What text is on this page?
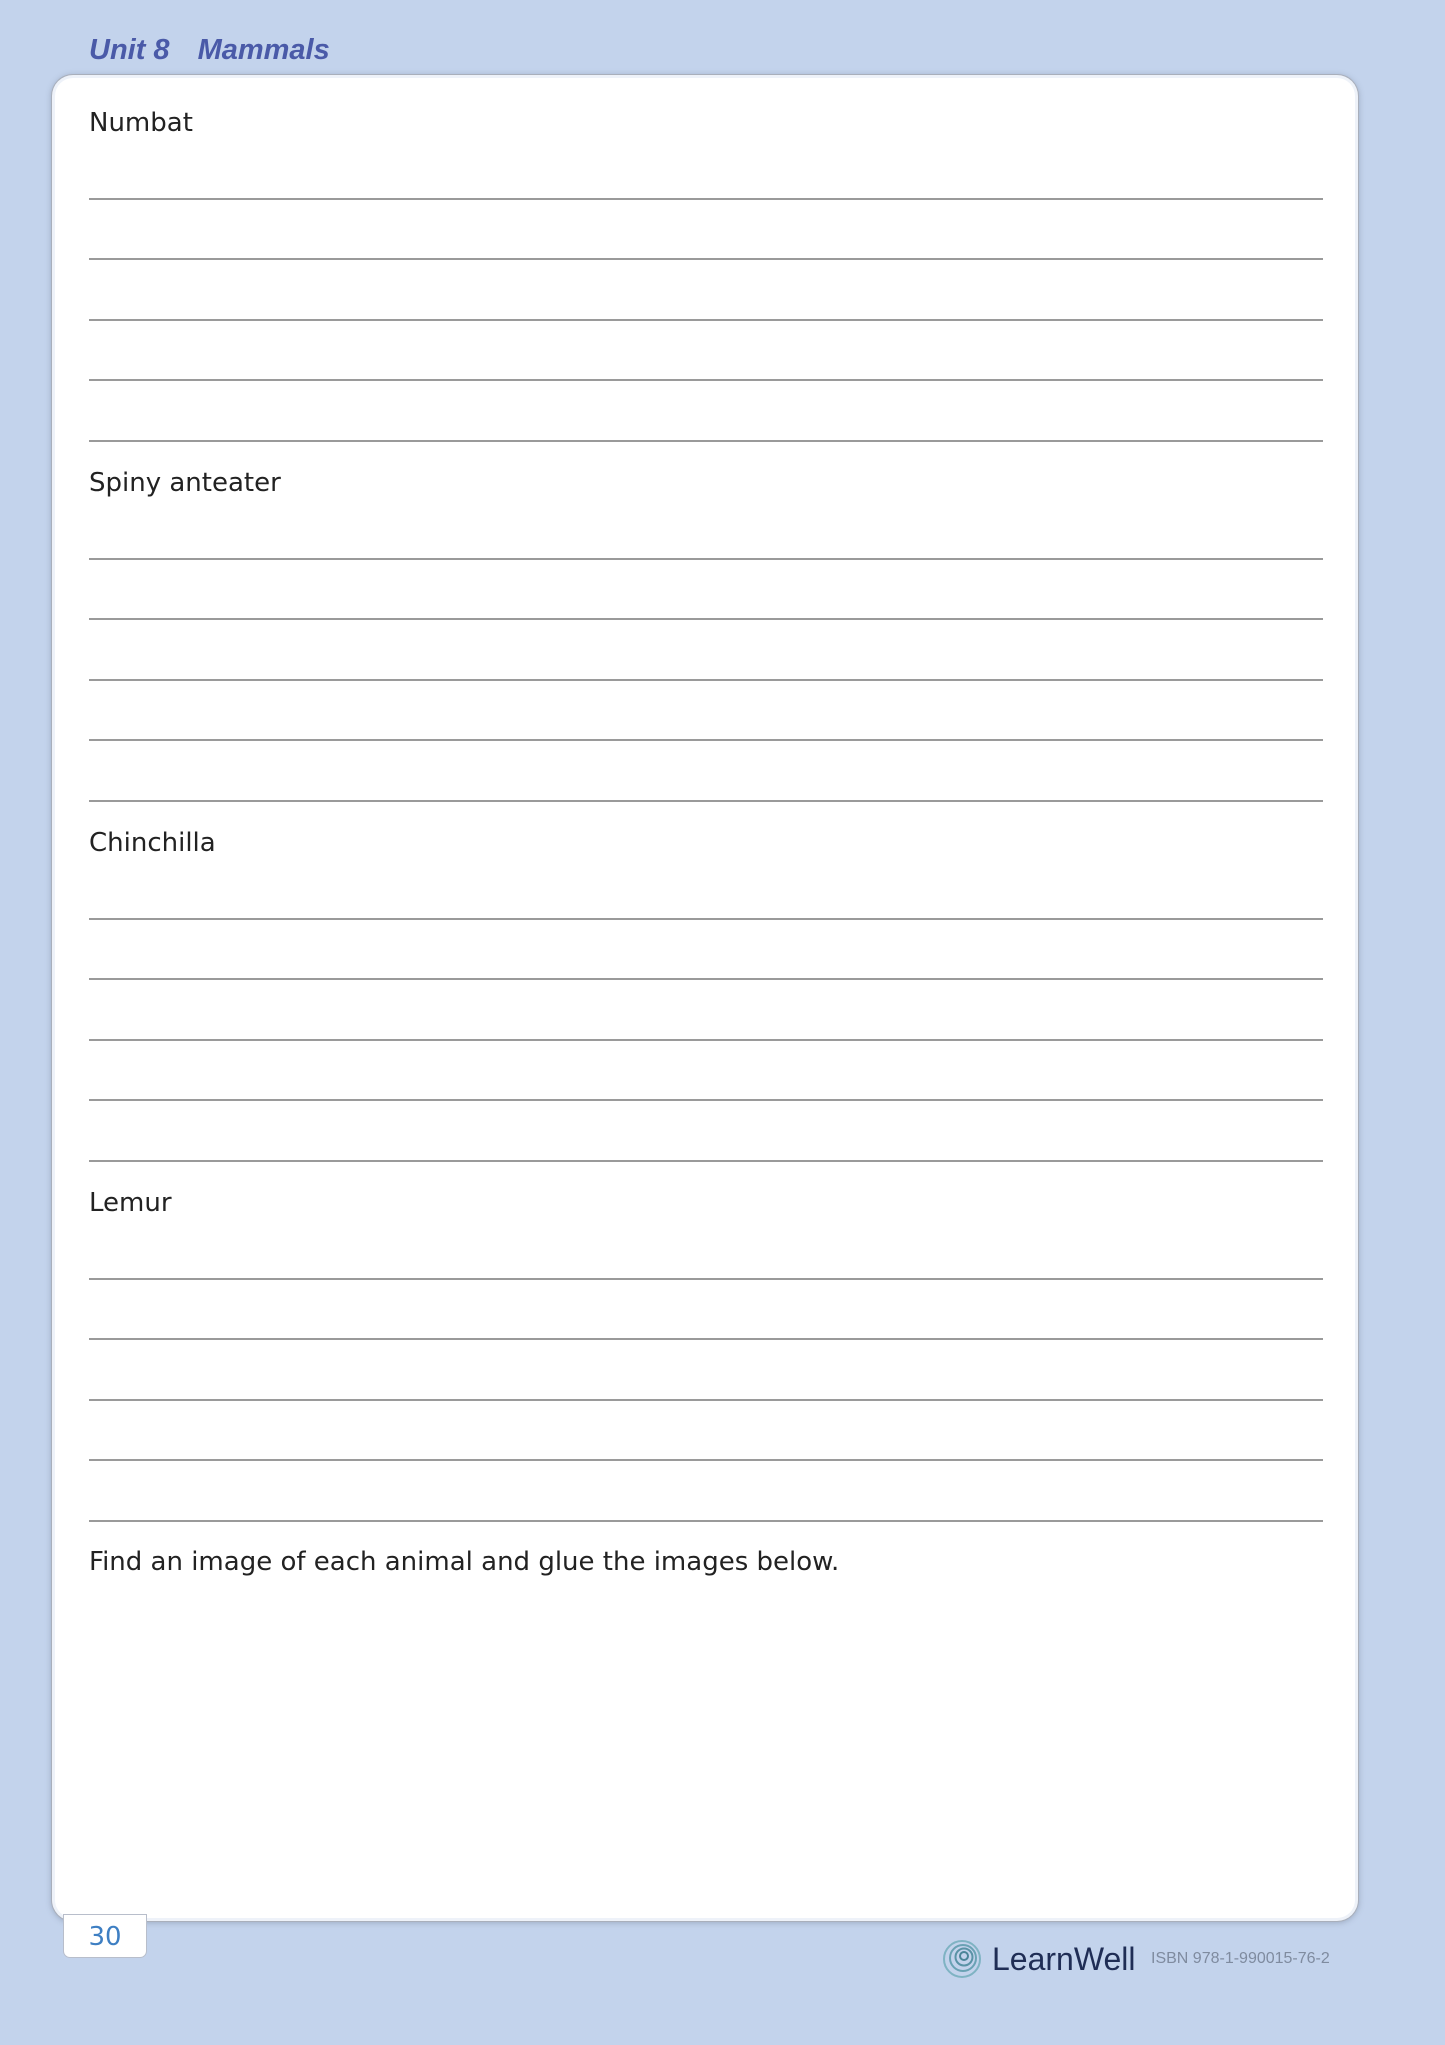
Unit 8 Mammals
Numbat
Spiny anteater
Chinchilla
Lemur
Find an image of each animal and glue the images below.
30
LearnWell ISBN 978-1-990015-76-2
